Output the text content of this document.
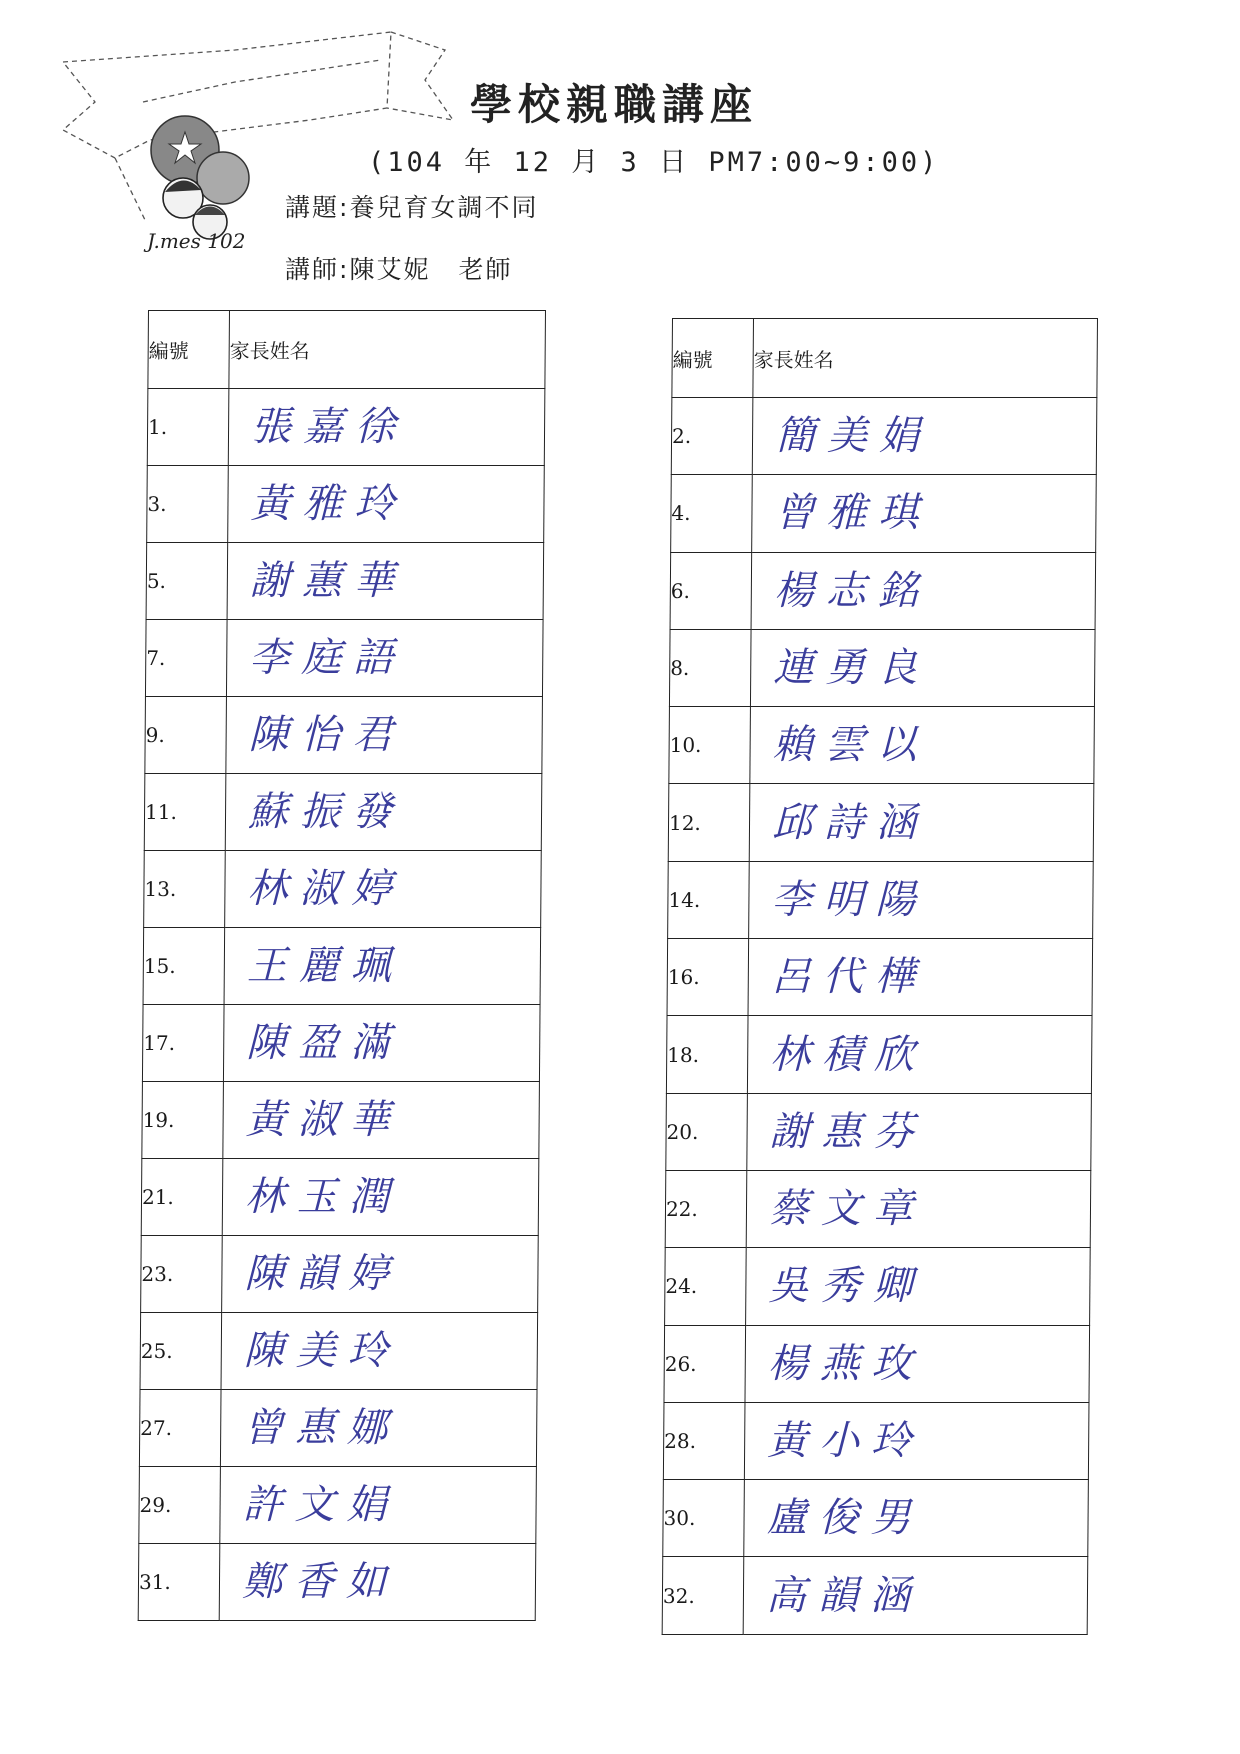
J.mes 102
學校親職講座
(104 年 12 月 3 日 PM7:00~9:00)
講題:養兒育女調不同
講師:陳艾妮 老師
編號	家長姓名
1.	張嘉徐

3.	黃雅玲

5.	謝蕙華

7.	李庭語

9.	陳怡君

11.	蘇振發

13.	林淑婷

15.	王麗珮

17.	陳盈滿

19.	黃淑華

21.	林玉潤

23.	陳韻婷

25.	陳美玲

27.	曾惠娜

29.	許文娟

31.	鄭香如
編號	家長姓名
2.	簡美娟

4.	曾雅琪

6.	楊志銘

8.	連勇良

10.	賴雲以

12.	邱詩涵

14.	李明陽

16.	呂代樺

18.	林積欣

20.	謝惠芬

22.	蔡文章

24.	吳秀卿

26.	楊燕玫

28.	黃小玲

30.	盧俊男

32.	高韻涵
